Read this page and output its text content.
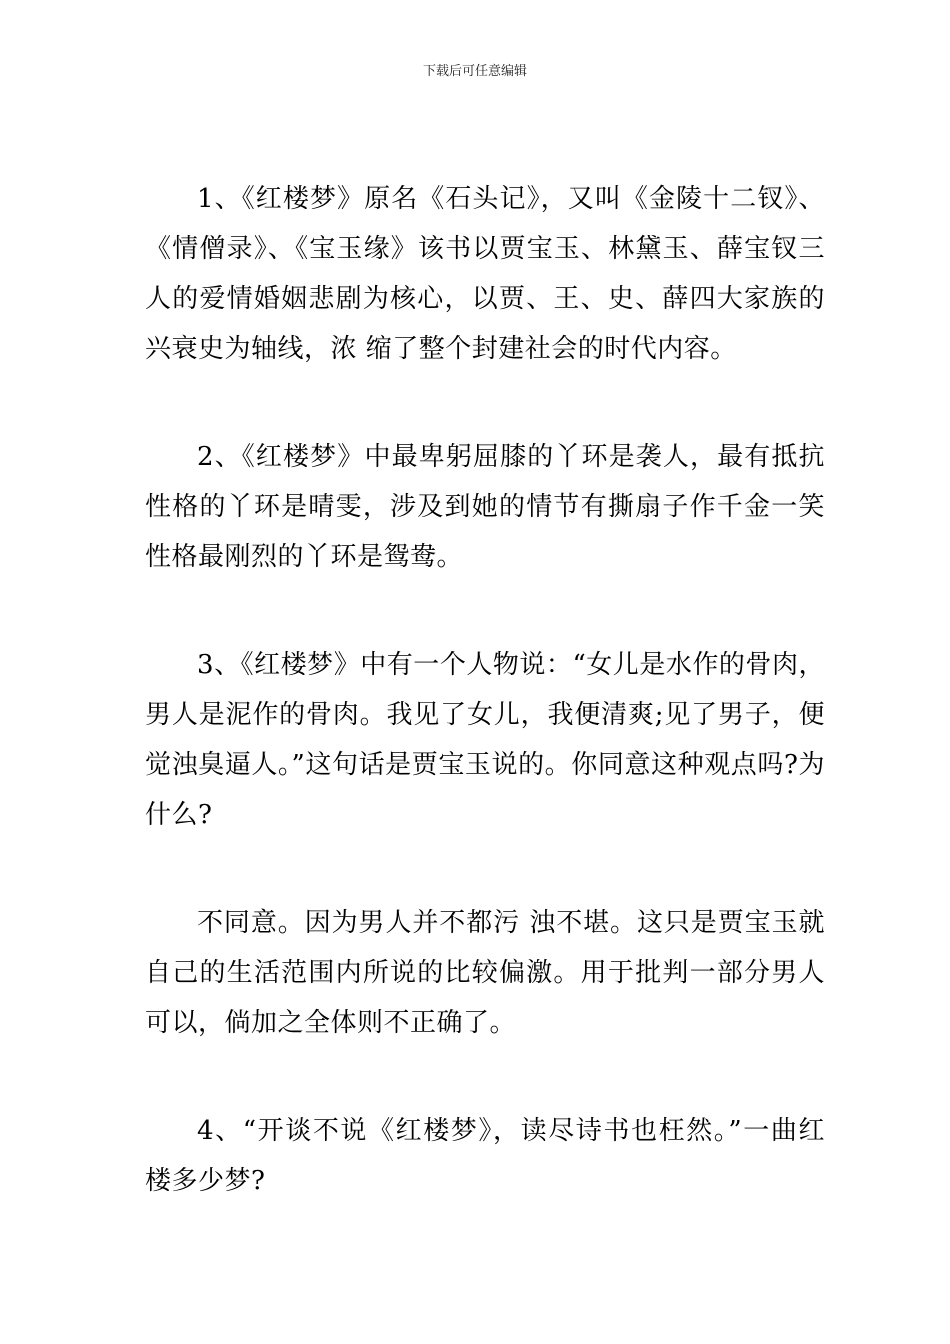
下载后可任意编辑

1、《红楼梦》原名《石头记》，又叫《金陵十二钗》、《情僧录》、《宝玉缘》该书以贾宝玉、林黛玉、薛宝钗三人的爱情婚姻悲剧为核心，以贾、王、史、薛四大家族的兴衰史为轴线，浓 缩了整个封建社会的时代内容。

2、《红楼梦》中最卑躬屈膝的丫环是袭人，最有抵抗性格的丫环是晴雯，涉及到她的情节有撕扇子作千金一笑性格最刚烈的丫环是鸳鸯。

3、《红楼梦》中有一个人物说：“女儿是水作的骨肉，男人是泥作的骨肉。我见了女儿，我便清爽;见了男子，便觉浊臭逼人。”这句话是贾宝玉说的。你同意这种观点吗?为什么?

不同意。因为男人并不都污 浊不堪。这只是贾宝玉就自己的生活范围内所说的比较偏激。用于批判一部分男人可以，倘加之全体则不正确了。

4、“开谈不说《红楼梦》，读尽诗书也枉然。”一曲红楼多少梦?
